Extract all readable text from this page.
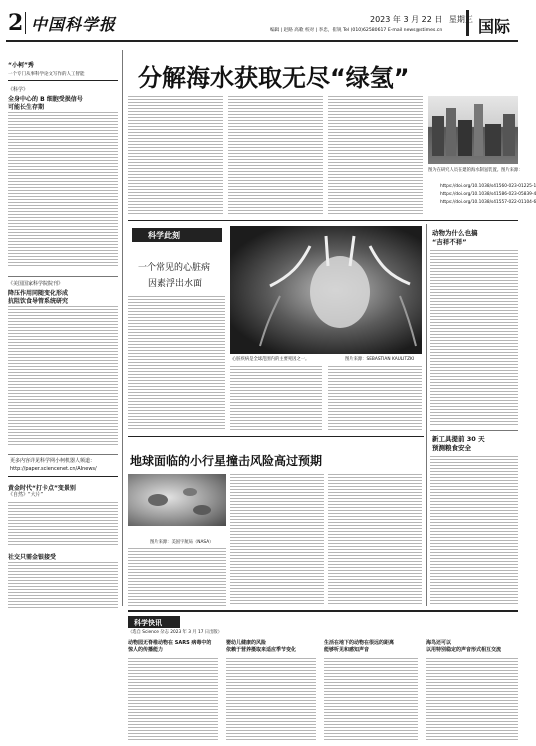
2 中国科学报	2023 年 3 月 22 日 星期三
编辑 | 赵路 高歌 校对 | 李忠，崔锐 Tel (010)62580617 E-mail news@stimes.cn	国际
“小柯”秀
一个专门从事科学论文写作的人工智能
《科学》
全身中心的 B 细胞受损信号
可能长生存期
《美国国家科学院院刊》
降压作用同随变化形成
抗阻饮食导管系统研究
更多内容详见科学网小柯机器人频道：
http://paper.sciencenet.cn/AInews/
黄金时代“打卡点”变景别
《自然》“大片”
社交只需金银接受
分解海水获取无尽“绿氢”
图为在研究人员在建的海水制氢装置。图片来源：
https://doi.org/10.1038/s41560-023-01225-1
https://doi.org/10.1038/s41586-023-05839-4
https://doi.org/10.1038/s41557-022-01104-6
科学此刻
一个常见的心脏病
因素浮出水面
心脏疾病是全球范围内的主要死因之一。	图片来源：SEBASTIAN KAULITZKI
动物为什么也搞
“吉祥不祥”
新工具提前 30 天
预测粮食安全
地球面临的小行星撞击风险高过预期
图片来源：美国宇航局（NASA）
科学快讯
（选自 Science 杂志 2023 年 3 月 17 日出版）
动物园无脊椎动物在 SARS 病毒中的
惊人的传播能力
婴幼儿健康的风险
依赖于营养摄取来适应季节变化
生活在地下的动物在很远的距离
能够听见和感知声音
海鸟还可以
以用特别稳定的声音形式相互交流
